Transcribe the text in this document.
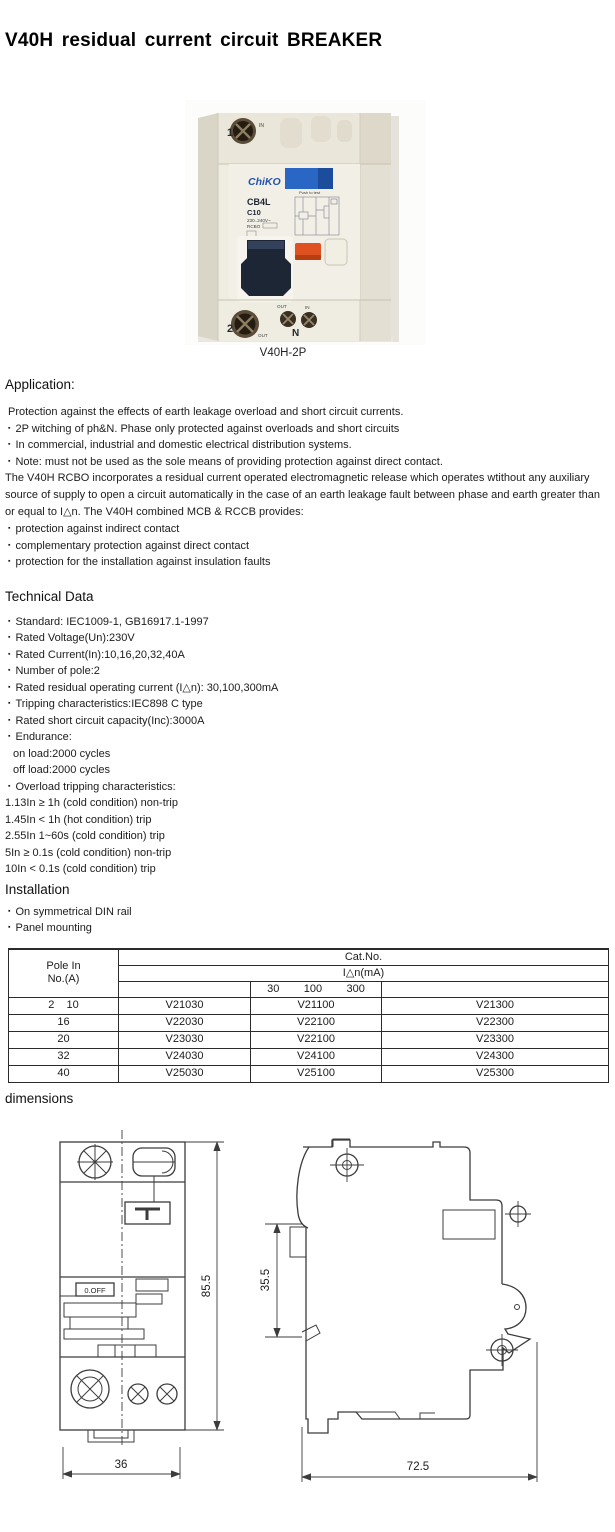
V40H residual current circuit BREAKER
1
IN
ChiKO
CB4L
C10
230..240V~
RCBO
Push to test
OUT	IN
N
2
OUT
V40H-2P
Application:
Protection against the effects of earth leakage overload and short circuit currents.
▪ 2P witching of ph&N. Phase only protected against overloads and short circuits
▪ In commercial, industrial and domestic electrical distribution systems.
▪ Note: must not be used as the sole means of providing protection against direct contact.
The V40H RCBO incorporates a residual current operated electromagnetic release which operates wtithout any auxiliary source of supply to open a circuit automatically in the case of an earth leakage fault between phase and earth greater than or equal to I△n. The V40H combined MCB & RCCB provides:
▪ protection against indirect contact
▪ complementary protection against direct contact
▪ protection for the installation against insulation faults
Technical Data
▪ Standard: IEC1009-1, GB16917.1-1997
▪ Rated Voltage(Un):230V
▪ Rated Current(In):10,16,20,32,40A
▪ Number of pole:2
▪ Rated residual operating current (I△n): 30,100,300mA
▪ Tripping characteristics:IEC898 C type
▪ Rated short circuit capacity(Inc):3000A
▪ Endurance:
on load:2000 cycles
off load:2000 cycles
▪ Overload tripping characteristics:
1.13In ≥ 1h (cold condition) non-trip
1.45In < 1h (hot condition) trip
2.55In 1~60s (cold condition) trip
5In ≥ 0.1s (cold condition) non-trip
10In < 0.1s (cold condition) trip
Installation
▪ On symmetrical DIN rail
▪ Panel mounting
Pole In
No.(A)	Cat.No.		
	I△n(mA)		

		30 100 300	

2    10	V21030	V21100	V21300
16	V22030	V22100	V22300
20	V23030	V22100	V23300
32	V24030	V24100	V24300
40	V25030	V25100	V25300
dimensions
0.OFF	85.5
36
35.5
72.5
